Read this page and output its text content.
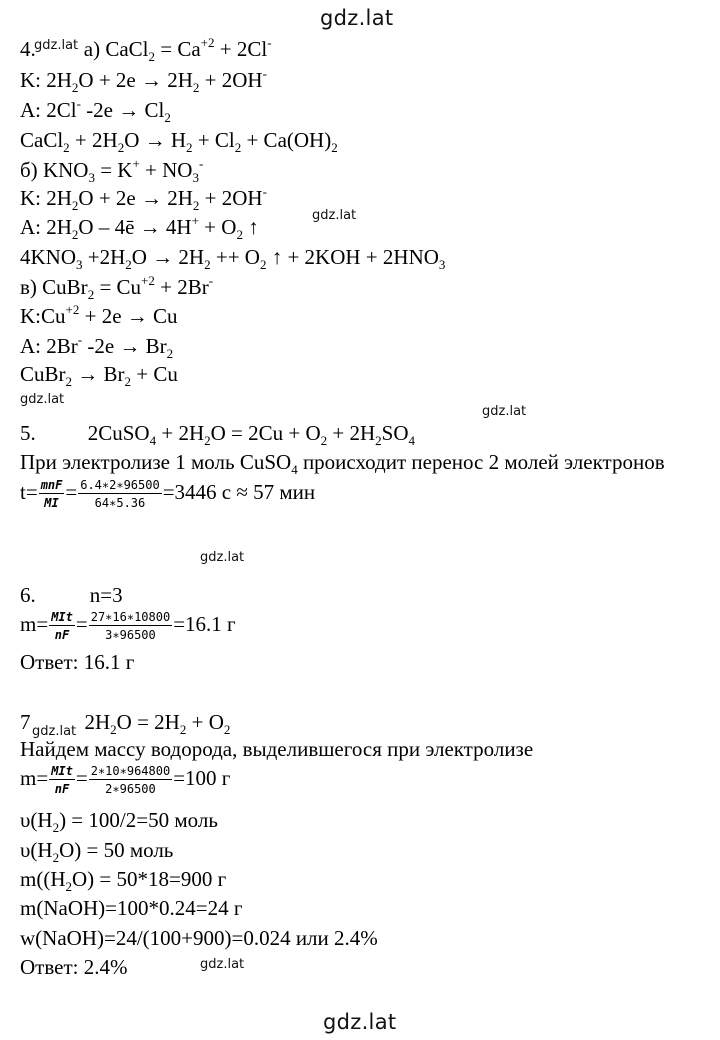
gdz.lat
gdz.lat
gdz.lat
gdz.lat
gdz.lat
gdz.lat
gdz.lat
gdz.lat
gdz.lat
4. а) CaCl$_2$ = $Ca^{+2} + 2Cl^-$
K: $2H_2O + 2e \to 2H_2 + 2OH^-$
A: 2Cl- $-2e \to Cl_2$
CaCl$_2$ + $2H_2O \to H_2 + Cl_2 + Ca(OH)_2$
б) $KNO_3 = K^+ + NO_3^-$
K: $2H_2O + 2e \to 2H_2 + 2OH^-$
A: $2H_2O$ – 4ē → $4H^+ + O_2$ ↑
$4KNO_3 +2H_2O \to 2H_2 ++ O_2$ ↑ + $2KOH + 2HNO_3$
в) CuBr$_2$ = $Cu^{+2} + 2Br^-$
$K:Cu^{+2} + 2e \to Cu$
A: 2Br- $-2e \to Br_2$
CuBr$_2$ → $Br_2 + Cu$
5. 2CuSO$_4$ + $2H_2O = 2Cu + O_2 + 2H_2SO_4$
При электролизе 1 моль CuSO$_4$ происходит перенос 2 молей электронов
$t= \frac{\text{mnF}}{MI} = \frac{6.4∗2∗96500}{64∗5.36} =3446$ с ≈ 57 мин
6.	n=3
$m= \frac{\text{MIt}}{nF} = \frac{27∗16∗10800}{3∗96500} =16.1$ г
Ответ: 16.1 г
7	$2H_2O = 2H_2 + O_2$
Найдем массу водорода, выделившегося при электролизе
$m= \frac{\text{MIt}}{nF} = \frac{2∗10∗964800}{2∗96500} =100$ г
$\upsilon(H_2) = 100/2=50$ моль
$\upsilon(H_2O) = 50$ моль
$m((H_2O) = 50*18=900$ г
m(NaOH)=100*0.24=24 г
w(NaOH)=24/(100+900)=0.024 или 2.4%
Ответ: 2.4%
